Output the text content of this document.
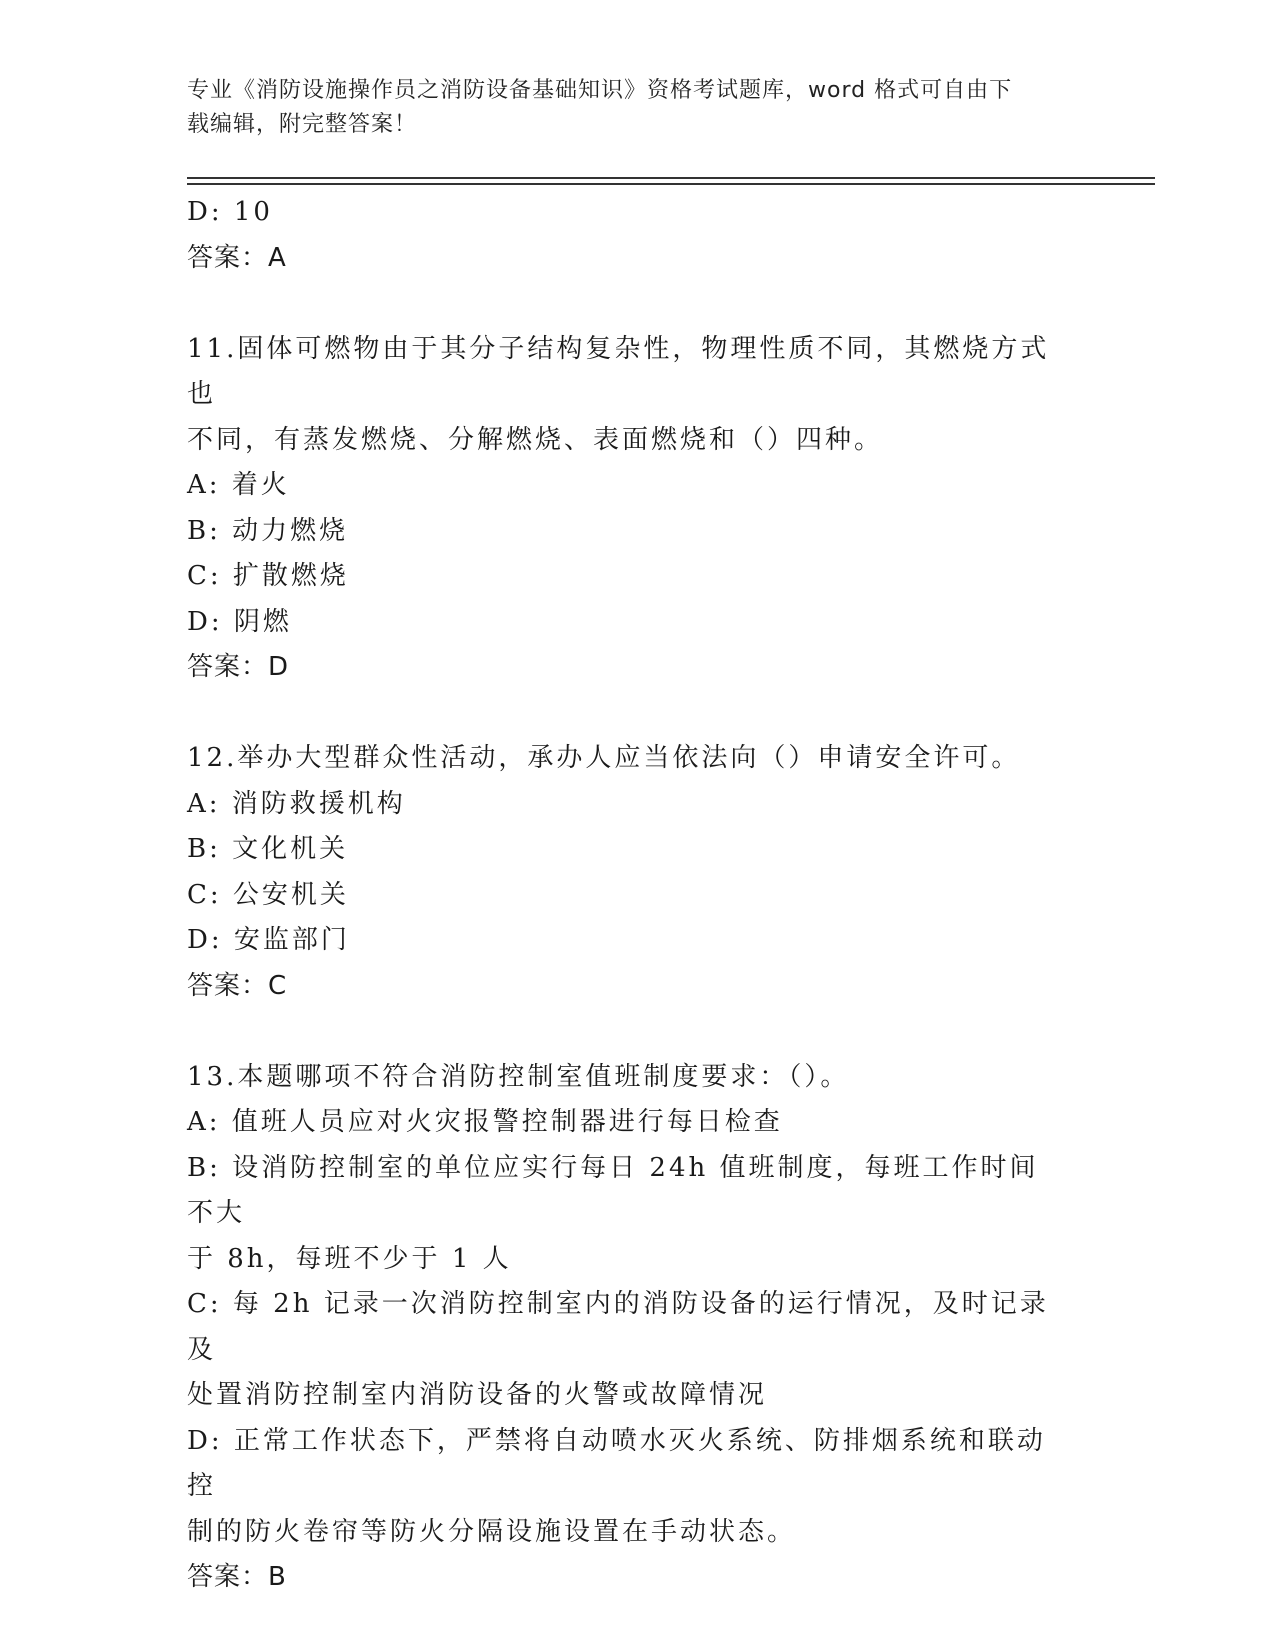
专业《消防设施操作员之消防设备基础知识》资格考试题库，word 格式可自由下
载编辑，附完整答案！
D: 10
答案：A
11.固体可燃物由于其分子结构复杂性，物理性质不同，其燃烧方式也
不同，有蒸发燃烧、分解燃烧、表面燃烧和（）四种。
A: 着火
B: 动力燃烧
C: 扩散燃烧
D: 阴燃
答案：D
12.举办大型群众性活动，承办人应当依法向（）申请安全许可。
A: 消防救援机构
B: 文化机关
C: 公安机关
D: 安监部门
答案：C
13.本题哪项不符合消防控制室值班制度要求：（）。
A: 值班人员应对火灾报警控制器进行每日检查
B: 设消防控制室的单位应实行每日 24h 值班制度，每班工作时间不大
于 8h，每班不少于 1 人
C: 每 2h 记录一次消防控制室内的消防设备的运行情况，及时记录及
处置消防控制室内消防设备的火警或故障情况
D: 正常工作状态下，严禁将自动喷水灭火系统、防排烟系统和联动控
制的防火卷帘等防火分隔设施设置在手动状态。
答案：B
